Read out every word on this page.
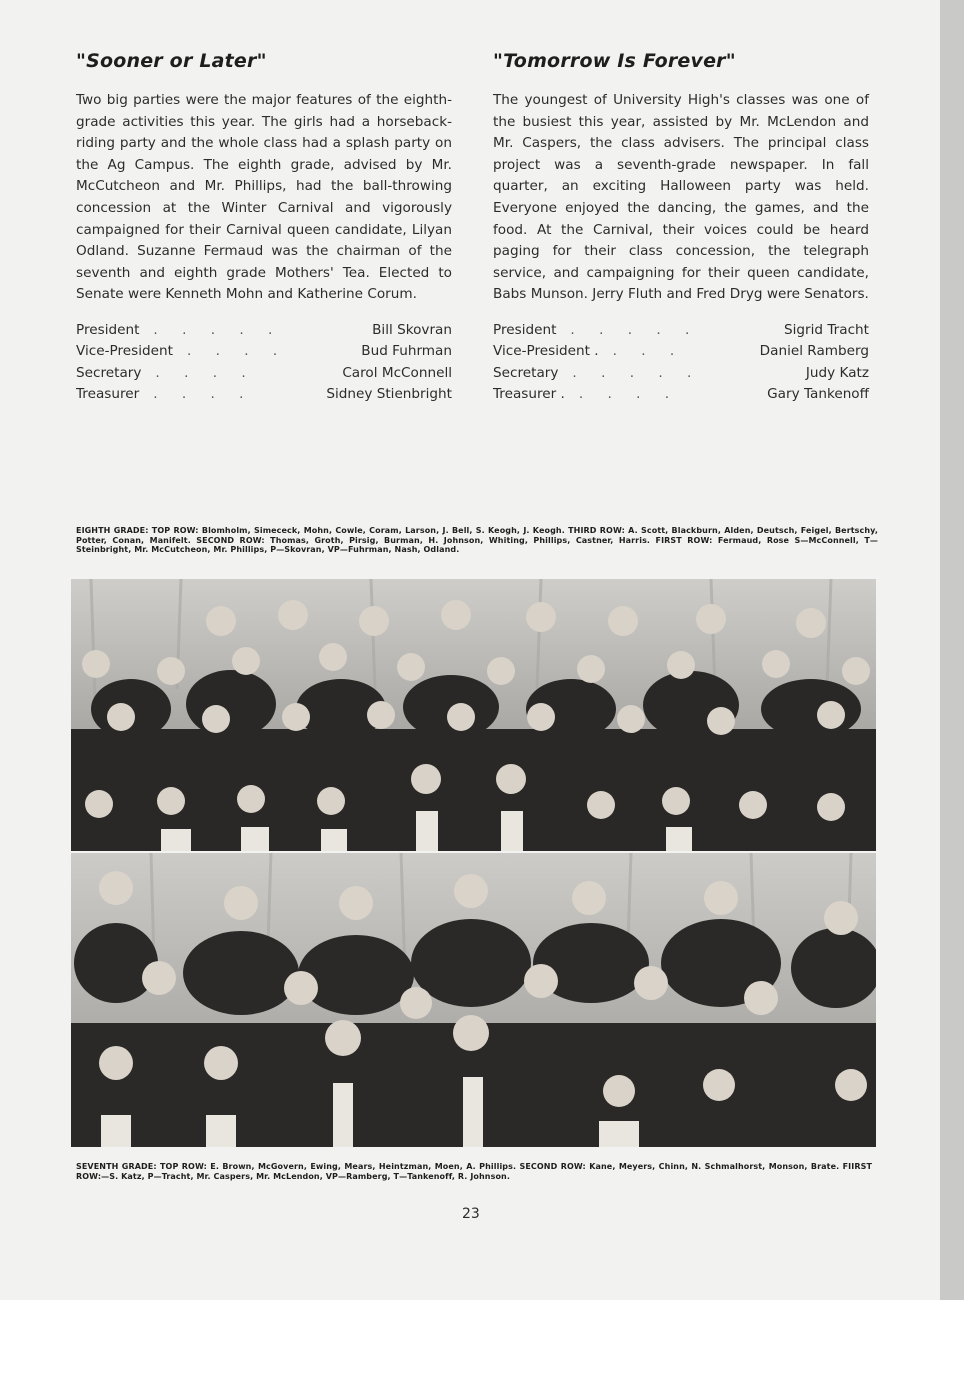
"Sooner or Later"

Two big parties were the major features of the eighth-grade activities this year. The girls had a horseback-riding party and the whole class had a splash party on the Ag Campus. The eighth grade, advised by Mr. McCutcheon and Mr. Phillips, had the ball-throwing concession at the Winter Carnival and vigorously campaigned for their Carnival queen candidate, Lilyan Odland. Suzanne Fermaud was the chairman of the seventh and eighth grade Mothers' Tea. Elected to Senate were Kenneth Mohn and Katherine Corum.

President	. . . . .	Bill Skovran
Vice-President	. . . .	Bud Fuhrman
Secretary	. . . .	Carol McConnell
Treasurer	. . . .	Sidney Stienbright
"Tomorrow Is Forever"

The youngest of University High's classes was one of the busiest this year, assisted by Mr. McLendon and Mr. Caspers, the class advisers. The principal class project was a seventh-grade newspaper. In fall quarter, an exciting Halloween party was held. Everyone enjoyed the dancing, the games, and the food. At the Carnival, their voices could be heard paging for their class concession, the telegraph service, and campaigning for their queen candidate, Babs Munson. Jerry Fluth and Fred Dryg were Senators.

President	. . . . .	Sigrid Tracht
Vice-President .	. . .	Daniel Ramberg
Secretary	. . . . .	Judy Katz
Treasurer .	. . . .	Gary Tankenoff
EIGHTH GRADE: TOP ROW: Blomholm, Simececk, Mohn, Cowle, Coram, Larson, J. Bell, S. Keogh, J. Keogh. THIRD ROW: A. Scott, Blackburn, Alden, Deutsch, Feigel, Bertschy, Potter, Conan, Manifelt. SECOND ROW: Thomas, Groth, Pirsig, Burman, H. Johnson, Whiting, Phillips, Castner, Harris. FIRST ROW: Fermaud, Rose S—McConnell, T—Steinbright, Mr. McCutcheon, Mr. Phillips, P—Skovran, VP—Fuhrman, Nash, Odland.
SEVENTH GRADE: TOP ROW: E. Brown, McGovern, Ewing, Mears, Heintzman, Moen, A. Phillips. SECOND ROW: Kane, Meyers, Chinn, N. Schmalhorst, Monson, Brate. FIIRST ROW:—S. Katz, P—Tracht, Mr. Caspers, Mr. McLendon, VP—Ramberg, T—Tankenoff, R. Johnson.
23
